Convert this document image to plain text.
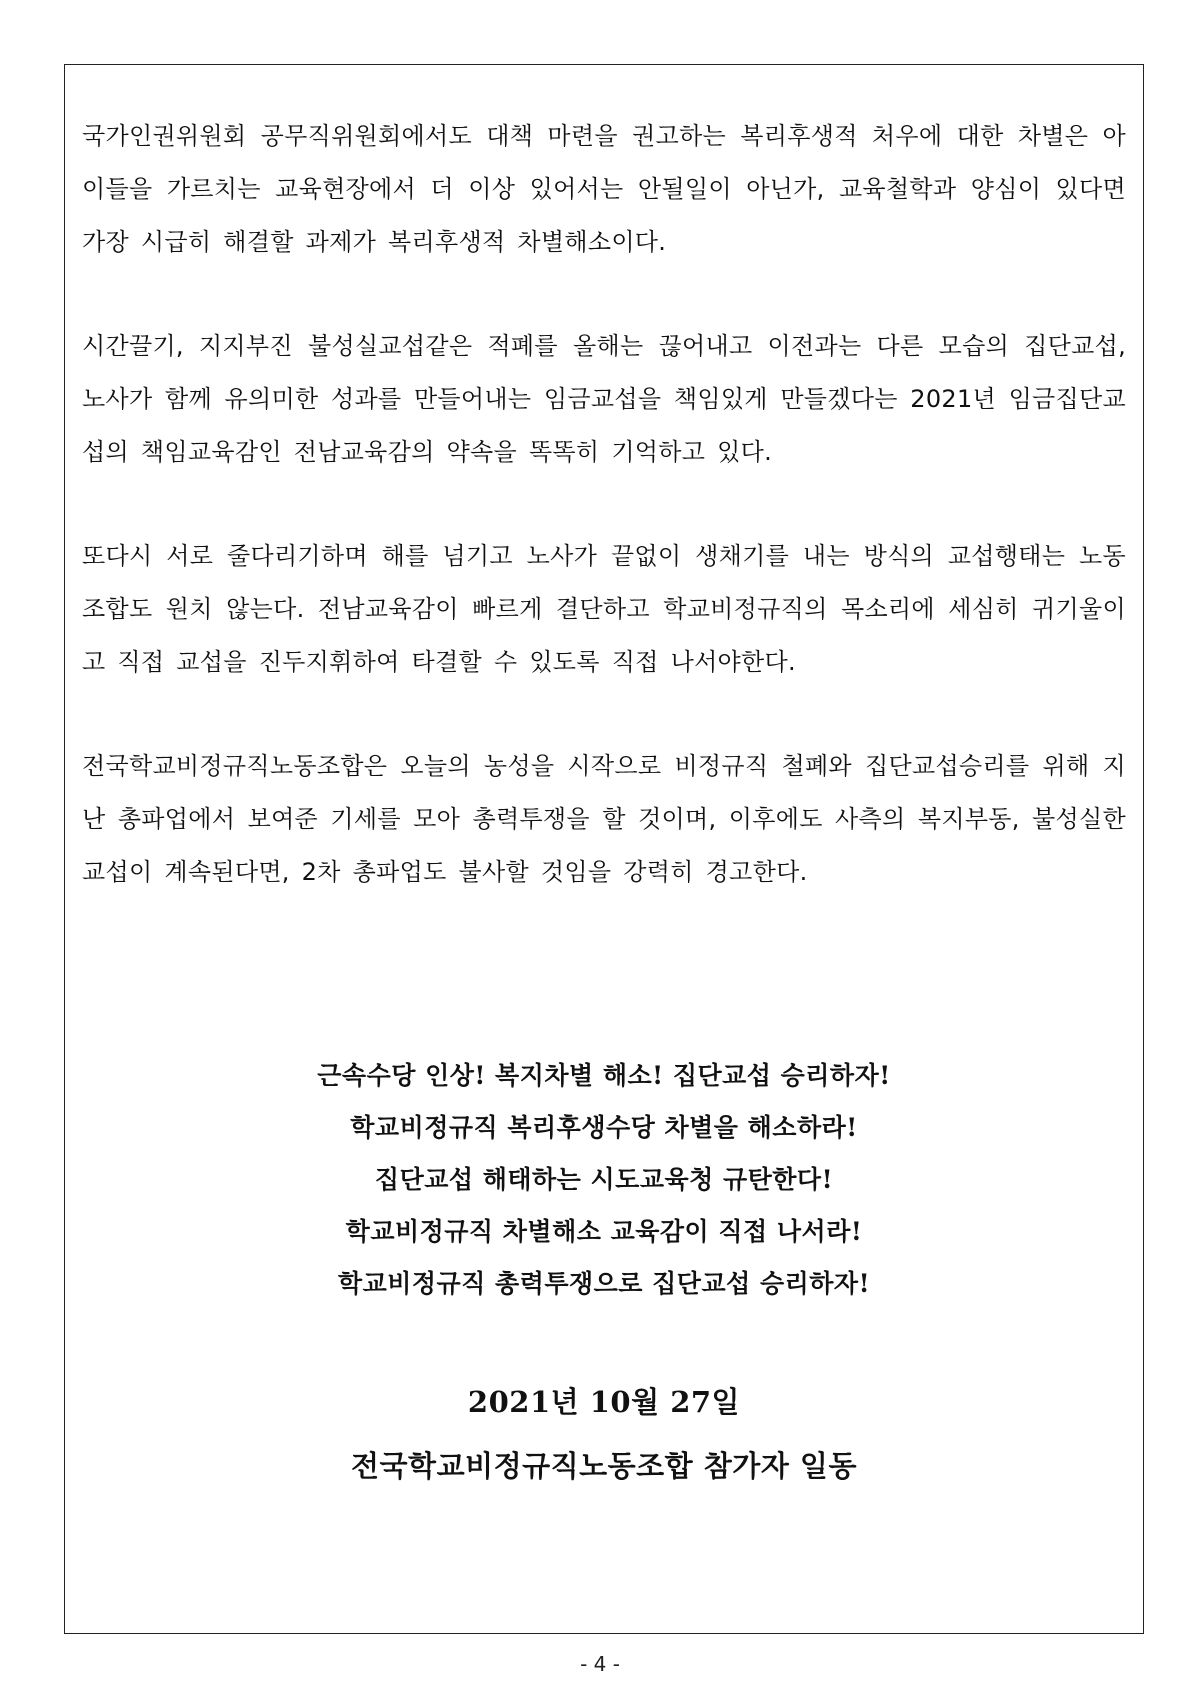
국가인권위원회 공무직위원회에서도 대책 마련을 권고하는 복리후생적 처우에 대한 차별은 아이들을 가르치는 교육현장에서 더 이상 있어서는 안될일이 아닌가, 교육철학과 양심이 있다면 가장 시급히 해결할 과제가 복리후생적 차별해소이다.

시간끌기, 지지부진 불성실교섭같은 적폐를 올해는 끊어내고 이전과는 다른 모습의 집단교섭, 노사가 함께 유의미한 성과를 만들어내는 임금교섭을 책임있게 만들겠다는 2021년 임금집단교섭의 책임교육감인 전남교육감의 약속을 똑똑히 기억하고 있다.

또다시 서로 줄다리기하며 해를 넘기고 노사가 끝없이 생채기를 내는 방식의 교섭행태는 노동조합도 원치 않는다. 전남교육감이 빠르게 결단하고 학교비정규직의 목소리에 세심히 귀기울이고 직접 교섭을 진두지휘하여 타결할 수 있도록 직접 나서야한다.

전국학교비정규직노동조합은 오늘의 농성을 시작으로 비정규직 철폐와 집단교섭승리를 위해 지난 총파업에서 보여준 기세를 모아 총력투쟁을 할 것이며, 이후에도 사측의 복지부동, 불성실한 교섭이 계속된다면, 2차 총파업도 불사할 것임을 강력히 경고한다.

근속수당 인상! 복지차별 해소! 집단교섭 승리하자!
학교비정규직 복리후생수당 차별을 해소하라!
집단교섭 해태하는 시도교육청 규탄한다!
학교비정규직 차별해소 교육감이 직접 나서라!
학교비정규직 총력투쟁으로 집단교섭 승리하자!
2021년 10월 27일
전국학교비정규직노동조합 참가자 일동
- 4 -
